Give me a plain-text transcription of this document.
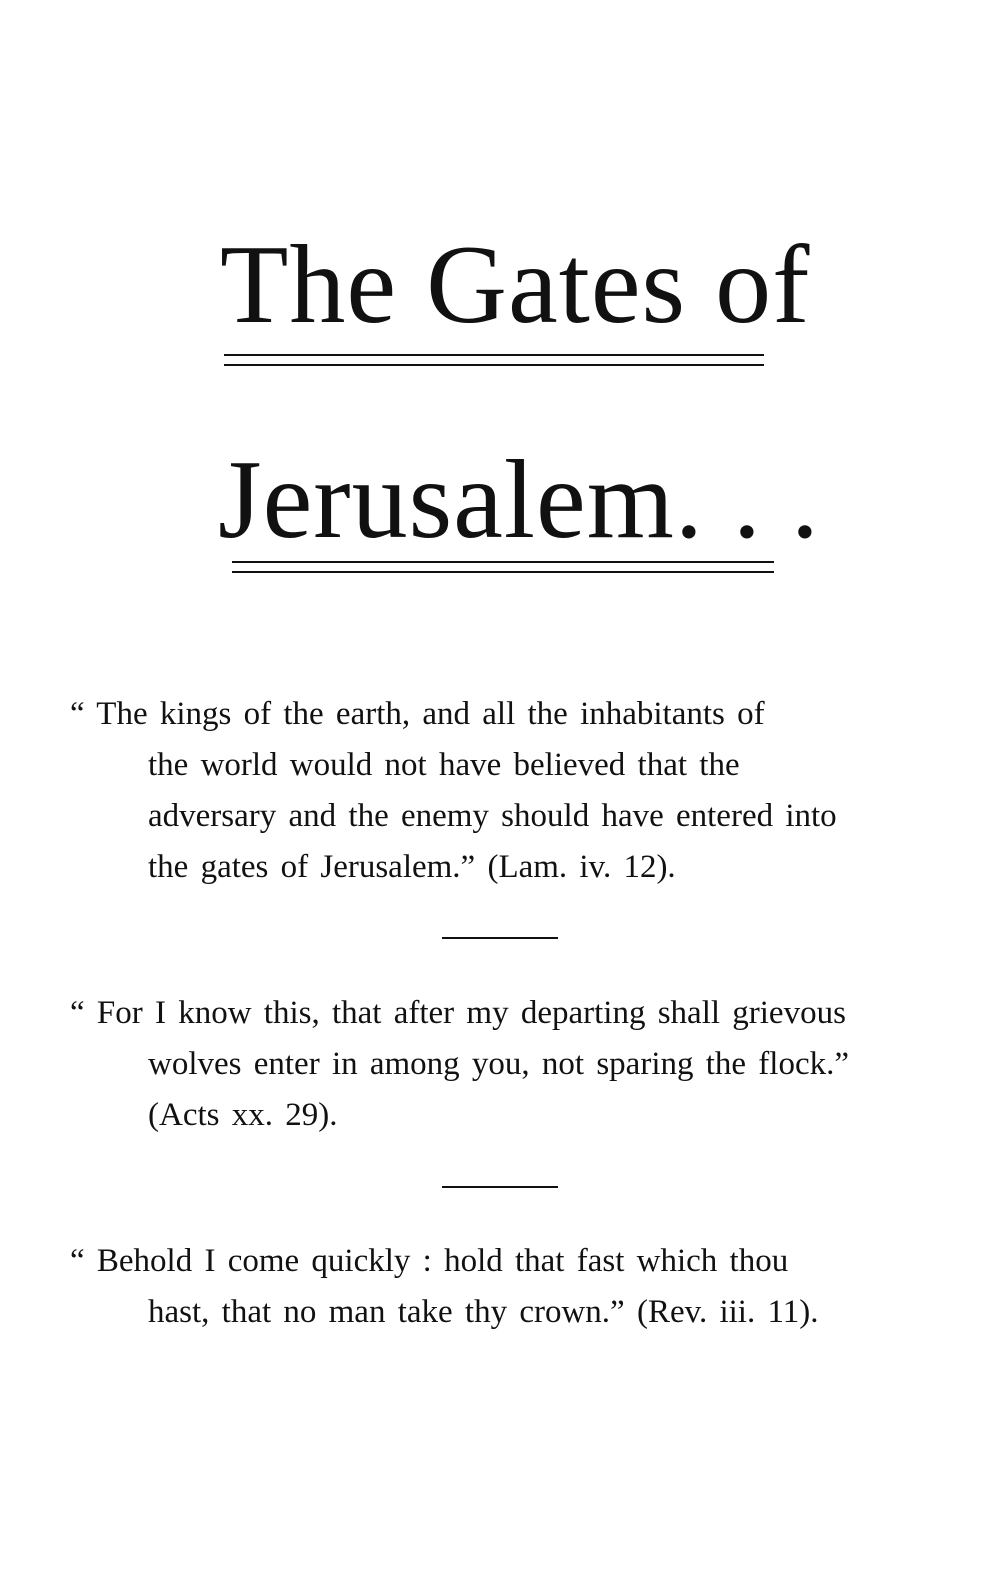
The Gates of
Jerusalem. . .
“ The kings of the earth, and all the inhabitants of
the world would not have believed that the
adversary and the enemy should have entered into
the gates of Jerusalem.” (Lam. iv. 12).
“ For I know this, that after my departing shall grievous
wolves enter in among you, not sparing the flock.”
(Acts xx. 29).
“ Behold I come quickly : hold that fast which thou
hast, that no man take thy crown.” (Rev. iii. 11).
